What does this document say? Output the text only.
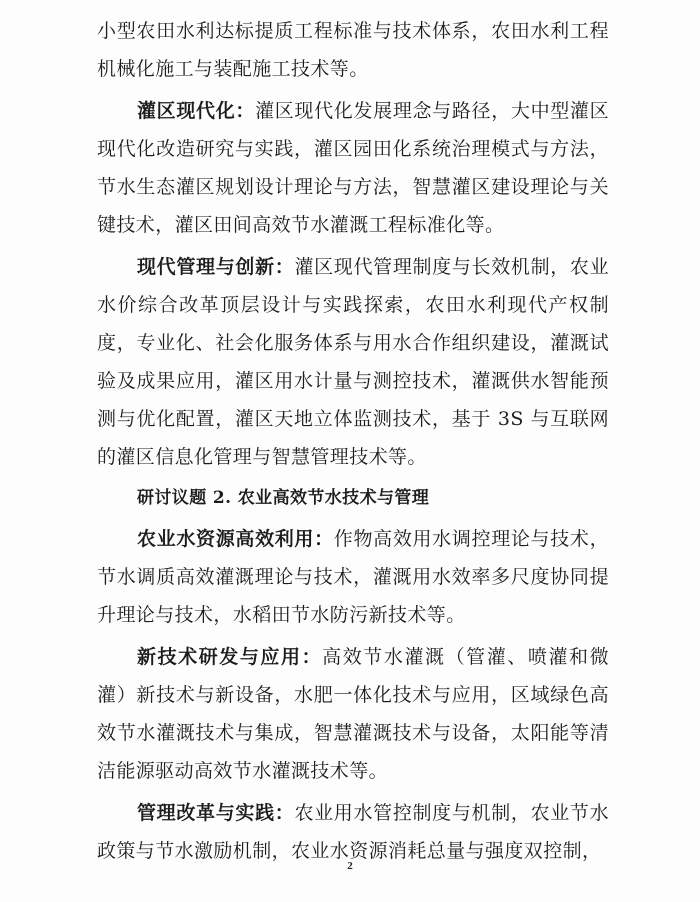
小型农田水利达标提质工程标准与技术体系，农田水利工程机械化施工与装配施工技术等。

灌区现代化：灌区现代化发展理念与路径，大中型灌区现代化改造研究与实践，灌区园田化系统治理模式与方法，节水生态灌区规划设计理论与方法，智慧灌区建设理论与关键技术，灌区田间高效节水灌溉工程标准化等。

现代管理与创新：灌区现代管理制度与长效机制，农业水价综合改革顶层设计与实践探索，农田水利现代产权制度，专业化、社会化服务体系与用水合作组织建设，灌溉试验及成果应用，灌区用水计量与测控技术，灌溉供水智能预测与优化配置，灌区天地立体监测技术，基于 3S 与互联网的灌区信息化管理与智慧管理技术等。

研讨议题 2. 农业高效节水技术与管理

农业水资源高效利用：作物高效用水调控理论与技术，节水调质高效灌溉理论与技术，灌溉用水效率多尺度协同提升理论与技术，水稻田节水防污新技术等。

新技术研发与应用：高效节水灌溉（管灌、喷灌和微灌）新技术与新设备，水肥一体化技术与应用，区域绿色高效节水灌溉技术与集成，智慧灌溉技术与设备，太阳能等清洁能源驱动高效节水灌溉技术等。

管理改革与实践：农业用水管控制度与机制，农业节水政策与节水激励机制，农业水资源消耗总量与强度双控制，

2
